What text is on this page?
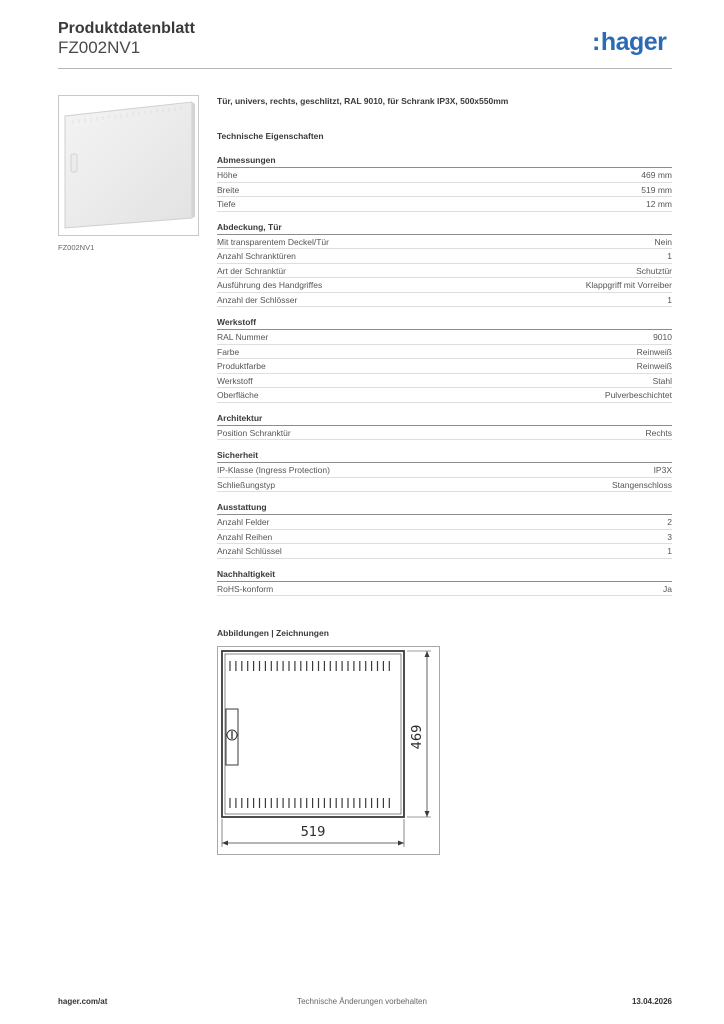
Produktdatenblatt
FZ002NV1	:hager
FZ002NV1
Tür, univers, rechts, geschlitzt, RAL 9010, für Schrank IP3X, 500x550mm
Technische Eigenschaften
Abmessungen
Höhe	469 mm
Breite	519 mm
Tiefe	12 mm
Abdeckung, Tür
Mit transparentem Deckel/Tür	Nein
Anzahl Schranktüren	1
Art der Schranktür	Schutztür
Ausführung des Handgriffes	Klappgriff mit Vorreiber
Anzahl der Schlösser	1
Werkstoff
RAL Nummer	9010
Farbe	Reinweiß
Produktfarbe	Reinweiß
Werkstoff	Stahl
Oberfläche	Pulverbeschichtet
Architektur
Position Schranktür	Rechts
Sicherheit
IP-Klasse (Ingress Protection)	IP3X
Schließungstyp	Stangenschloss
Ausstattung
Anzahl Felder	2
Anzahl Reihen	3
Anzahl Schlüssel	1
Nachhaltigkeit
RoHS-konform	Ja
Abbildungen | Zeichnungen
469
519
hager.com/at	Technische Änderungen vorbehalten	13.04.2026
